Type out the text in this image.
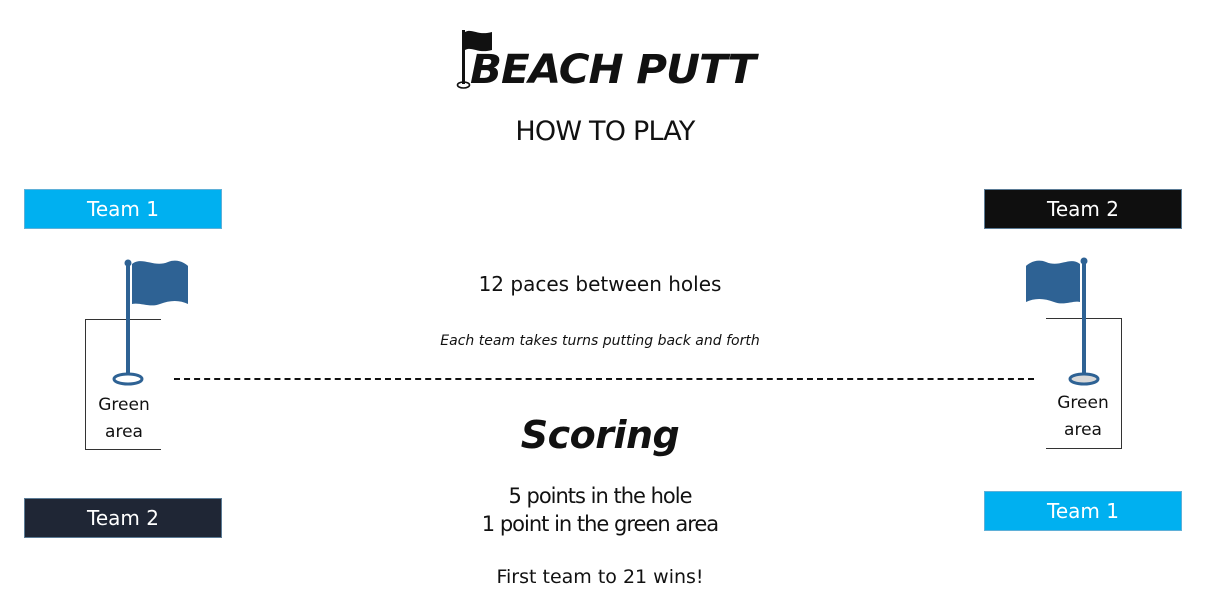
BEACH PUTT
HOW TO PLAY
Team 1	Team 2
Team 2	Team 1
Green
area
Green
area
12 paces between holes
Each team takes turns putting back and forth
Scoring
5 points in the hole
1 point in the green area
First team to 21 wins!
